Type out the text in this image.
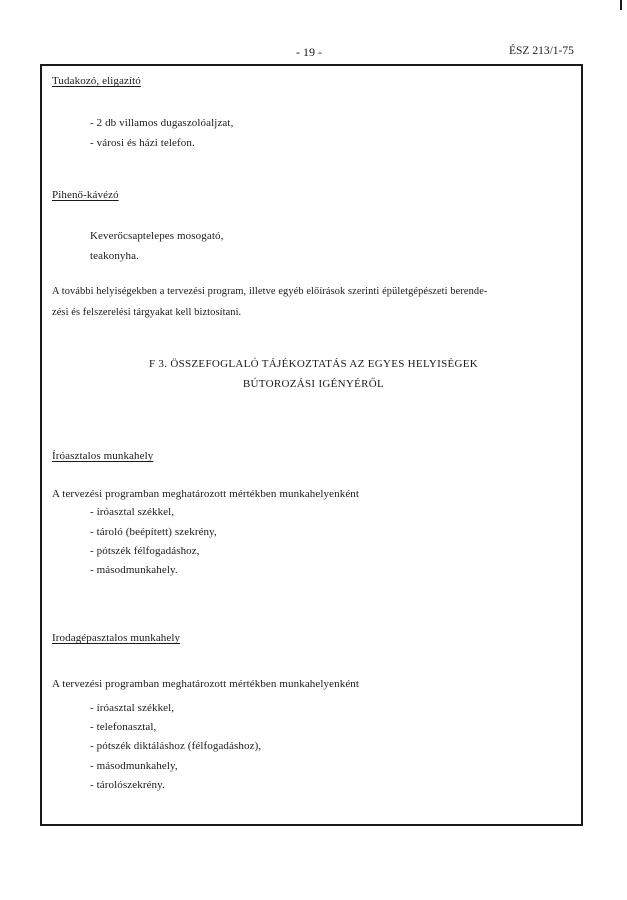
- 19 -	ÉSZ 213/1-75
Tudakozó, eligazító
- 2 db villamos dugaszolóaljzat,
- városi és házi telefon.
Pihenő-kávézó
Keverőcsaptelepes mosogató,
teakonyha.
A további helyiségekben a tervezési program, illetve egyéb előírások szerinti épületgépészeti berende-
zési és felszerelési tárgyakat kell biztosítani.
F 3. ÖSSZEFOGLALÓ TÁJÉKOZTATÁS AZ EGYES HELYISÉGEK
BÚTOROZÁSI IGÉNYÉRŐL
Íróasztalos munkahely
A tervezési programban meghatározott mértékben munkahelyenként
- íróasztal székkel,
- tároló (beépített) szekrény,
- pótszék félfogadáshoz,
- másodmunkahely.
Irodagépasztalos munkahely
A tervezési programban meghatározott mértékben munkahelyenként
- íróasztal székkel,
- telefonasztal,
- pótszék diktáláshoz (félfogadáshoz),
- másodmunkahely,
- tárolószekrény.
